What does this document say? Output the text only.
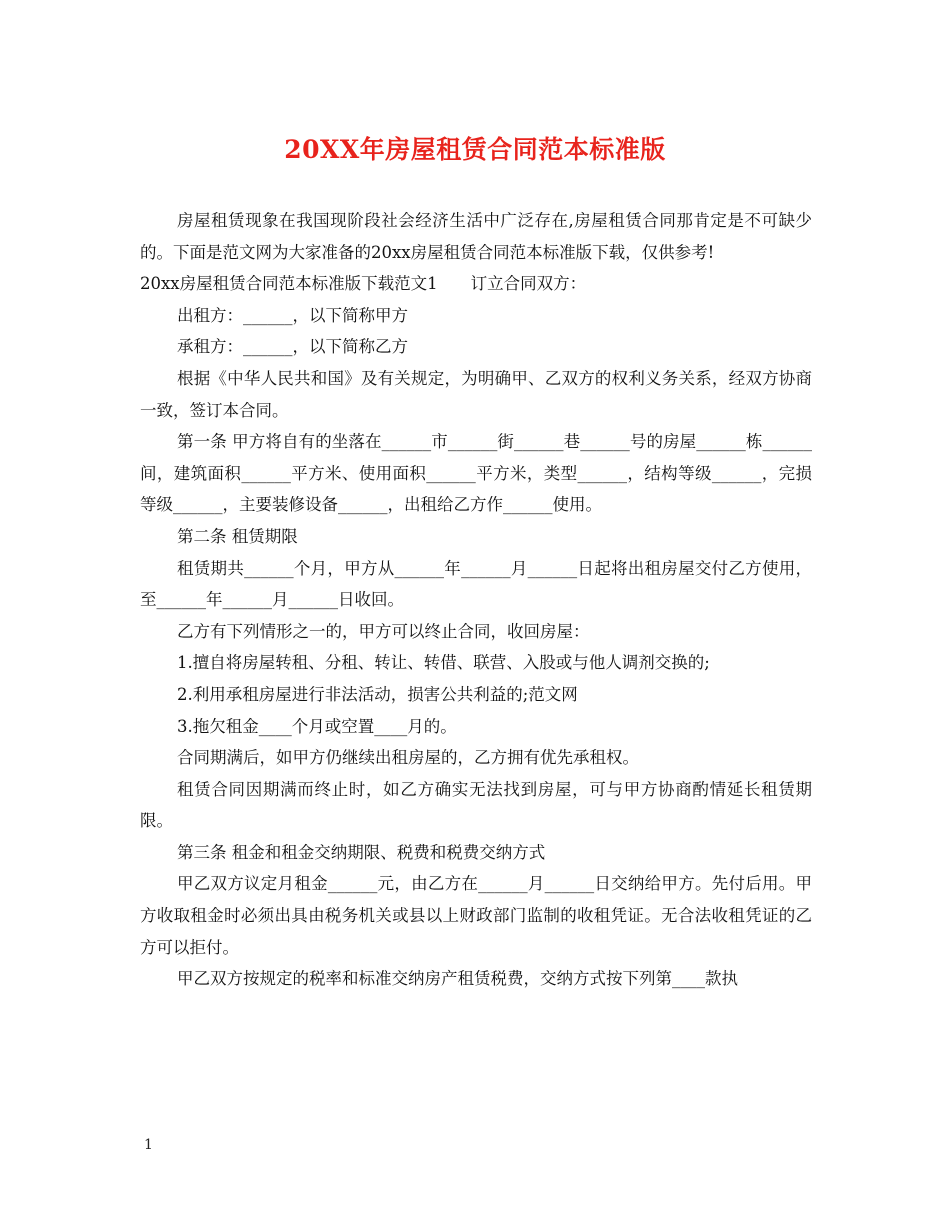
20XX年房屋租赁合同范本标准版

房屋租赁现象在我国现阶段社会经济生活中广泛存在,房屋租赁合同那肯定是不可缺少的。下面是范文网为大家准备的20xx房屋租赁合同范本标准版下载，仅供参考!

20xx房屋租赁合同范本标准版下载范文1　　订立合同双方：

出租方：______，以下简称甲方

承租方：______，以下简称乙方

根据《中华人民共和国》及有关规定，为明确甲、乙双方的权利义务关系，经双方协商一致，签订本合同。

第一条 甲方将自有的坐落在______市______街______巷______号的房屋______栋______间，建筑面积______平方米、使用面积______平方米，类型______，结构等级______，完损等级______，主要装修设备______，出租给乙方作______使用。

第二条 租赁期限

租赁期共______个月，甲方从______年______月______日起将出租房屋交付乙方使用，至______年______月______日收回。

乙方有下列情形之一的，甲方可以终止合同，收回房屋：

1.擅自将房屋转租、分租、转让、转借、联营、入股或与他人调剂交换的;

2.利用承租房屋进行非法活动，损害公共利益的;范文网

3.拖欠租金____个月或空置____月的。

合同期满后，如甲方仍继续出租房屋的，乙方拥有优先承租权。

租赁合同因期满而终止时，如乙方确实无法找到房屋，可与甲方协商酌情延长租赁期限。

第三条 租金和租金交纳期限、税费和税费交纳方式

甲乙双方议定月租金______元，由乙方在______月______日交纳给甲方。先付后用。甲方收取租金时必须出具由税务机关或县以上财政部门监制的收租凭证。无合法收租凭证的乙方可以拒付。

甲乙双方按规定的税率和标准交纳房产租赁税费，交纳方式按下列第____款执

1
